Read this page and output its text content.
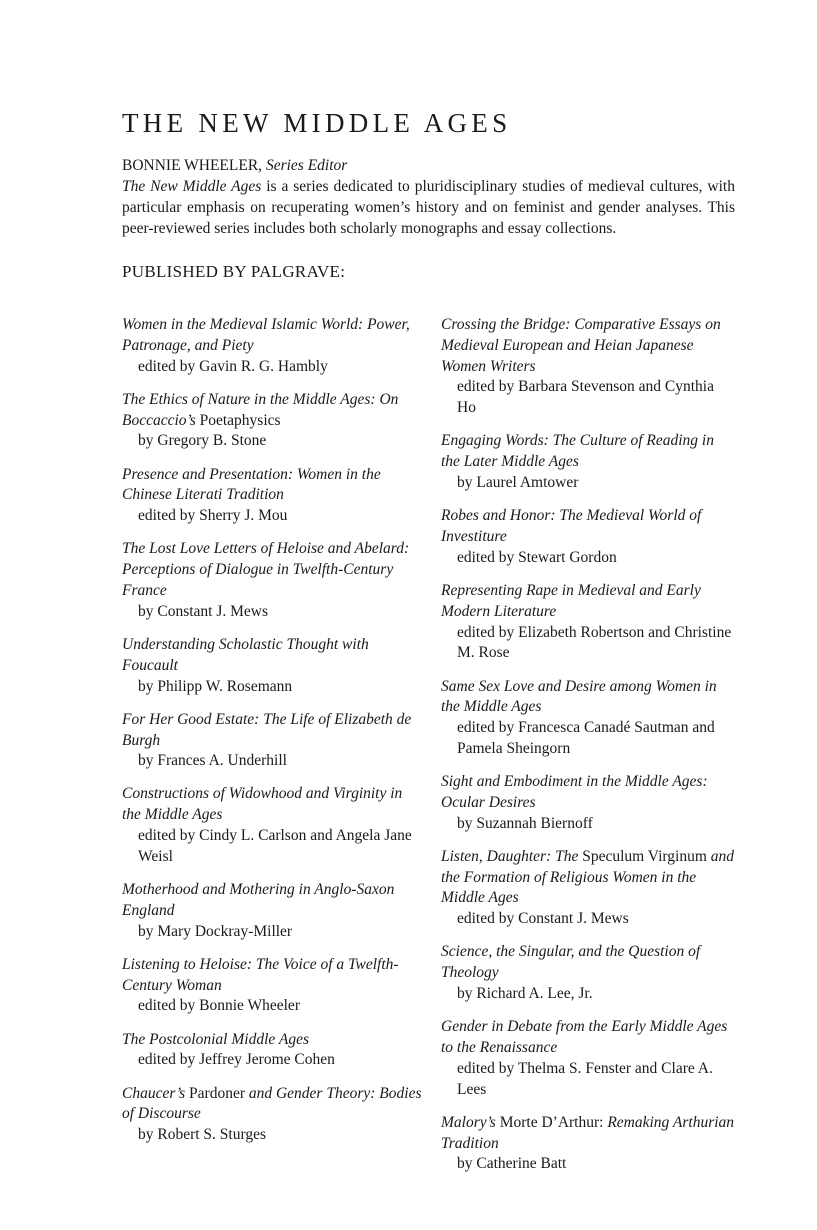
THE NEW MIDDLE AGES
BONNIE WHEELER, Series Editor

The New Middle Ages is a series dedicated to pluridisciplinary studies of medieval cultures, with particular emphasis on recuperating women’s history and on feminist and gender analyses. This peer-reviewed series includes both scholarly monographs and essay collections.

PUBLISHED BY PALGRAVE:
Women in the Medieval Islamic World: Power, Patronage, and Piety
edited by Gavin R. G. Hambly
The Ethics of Nature in the Middle Ages: On Boccaccio’s Poetaphysics
by Gregory B. Stone
Presence and Presentation: Women in the Chinese Literati Tradition
edited by Sherry J. Mou
The Lost Love Letters of Heloise and Abelard: Perceptions of Dialogue in Twelfth-Century France
by Constant J. Mews
Understanding Scholastic Thought with Foucault
by Philipp W. Rosemann
For Her Good Estate: The Life of Elizabeth de Burgh
by Frances A. Underhill
Constructions of Widowhood and Virginity in the Middle Ages
edited by Cindy L. Carlson and Angela Jane Weisl
Motherhood and Mothering in Anglo-Saxon England
by Mary Dockray-Miller
Listening to Heloise: The Voice of a Twelfth-Century Woman
edited by Bonnie Wheeler
The Postcolonial Middle Ages
edited by Jeffrey Jerome Cohen
Chaucer’s Pardoner and Gender Theory: Bodies of Discourse
by Robert S. Sturges
Crossing the Bridge: Comparative Essays on Medieval European and Heian Japanese Women Writers
edited by Barbara Stevenson and Cynthia Ho
Engaging Words: The Culture of Reading in the Later Middle Ages
by Laurel Amtower
Robes and Honor: The Medieval World of Investiture
edited by Stewart Gordon
Representing Rape in Medieval and Early Modern Literature
edited by Elizabeth Robertson and Christine M. Rose
Same Sex Love and Desire among Women in the Middle Ages
edited by Francesca Canadé Sautman and Pamela Sheingorn
Sight and Embodiment in the Middle Ages: Ocular Desires
by Suzannah Biernoff
Listen, Daughter: The Speculum Virginum and the Formation of Religious Women in the Middle Ages
edited by Constant J. Mews
Science, the Singular, and the Question of Theology
by Richard A. Lee, Jr.
Gender in Debate from the Early Middle Ages to the Renaissance
edited by Thelma S. Fenster and Clare A. Lees
Malory’s Morte D’Arthur: Remaking Arthurian Tradition
by Catherine Batt
